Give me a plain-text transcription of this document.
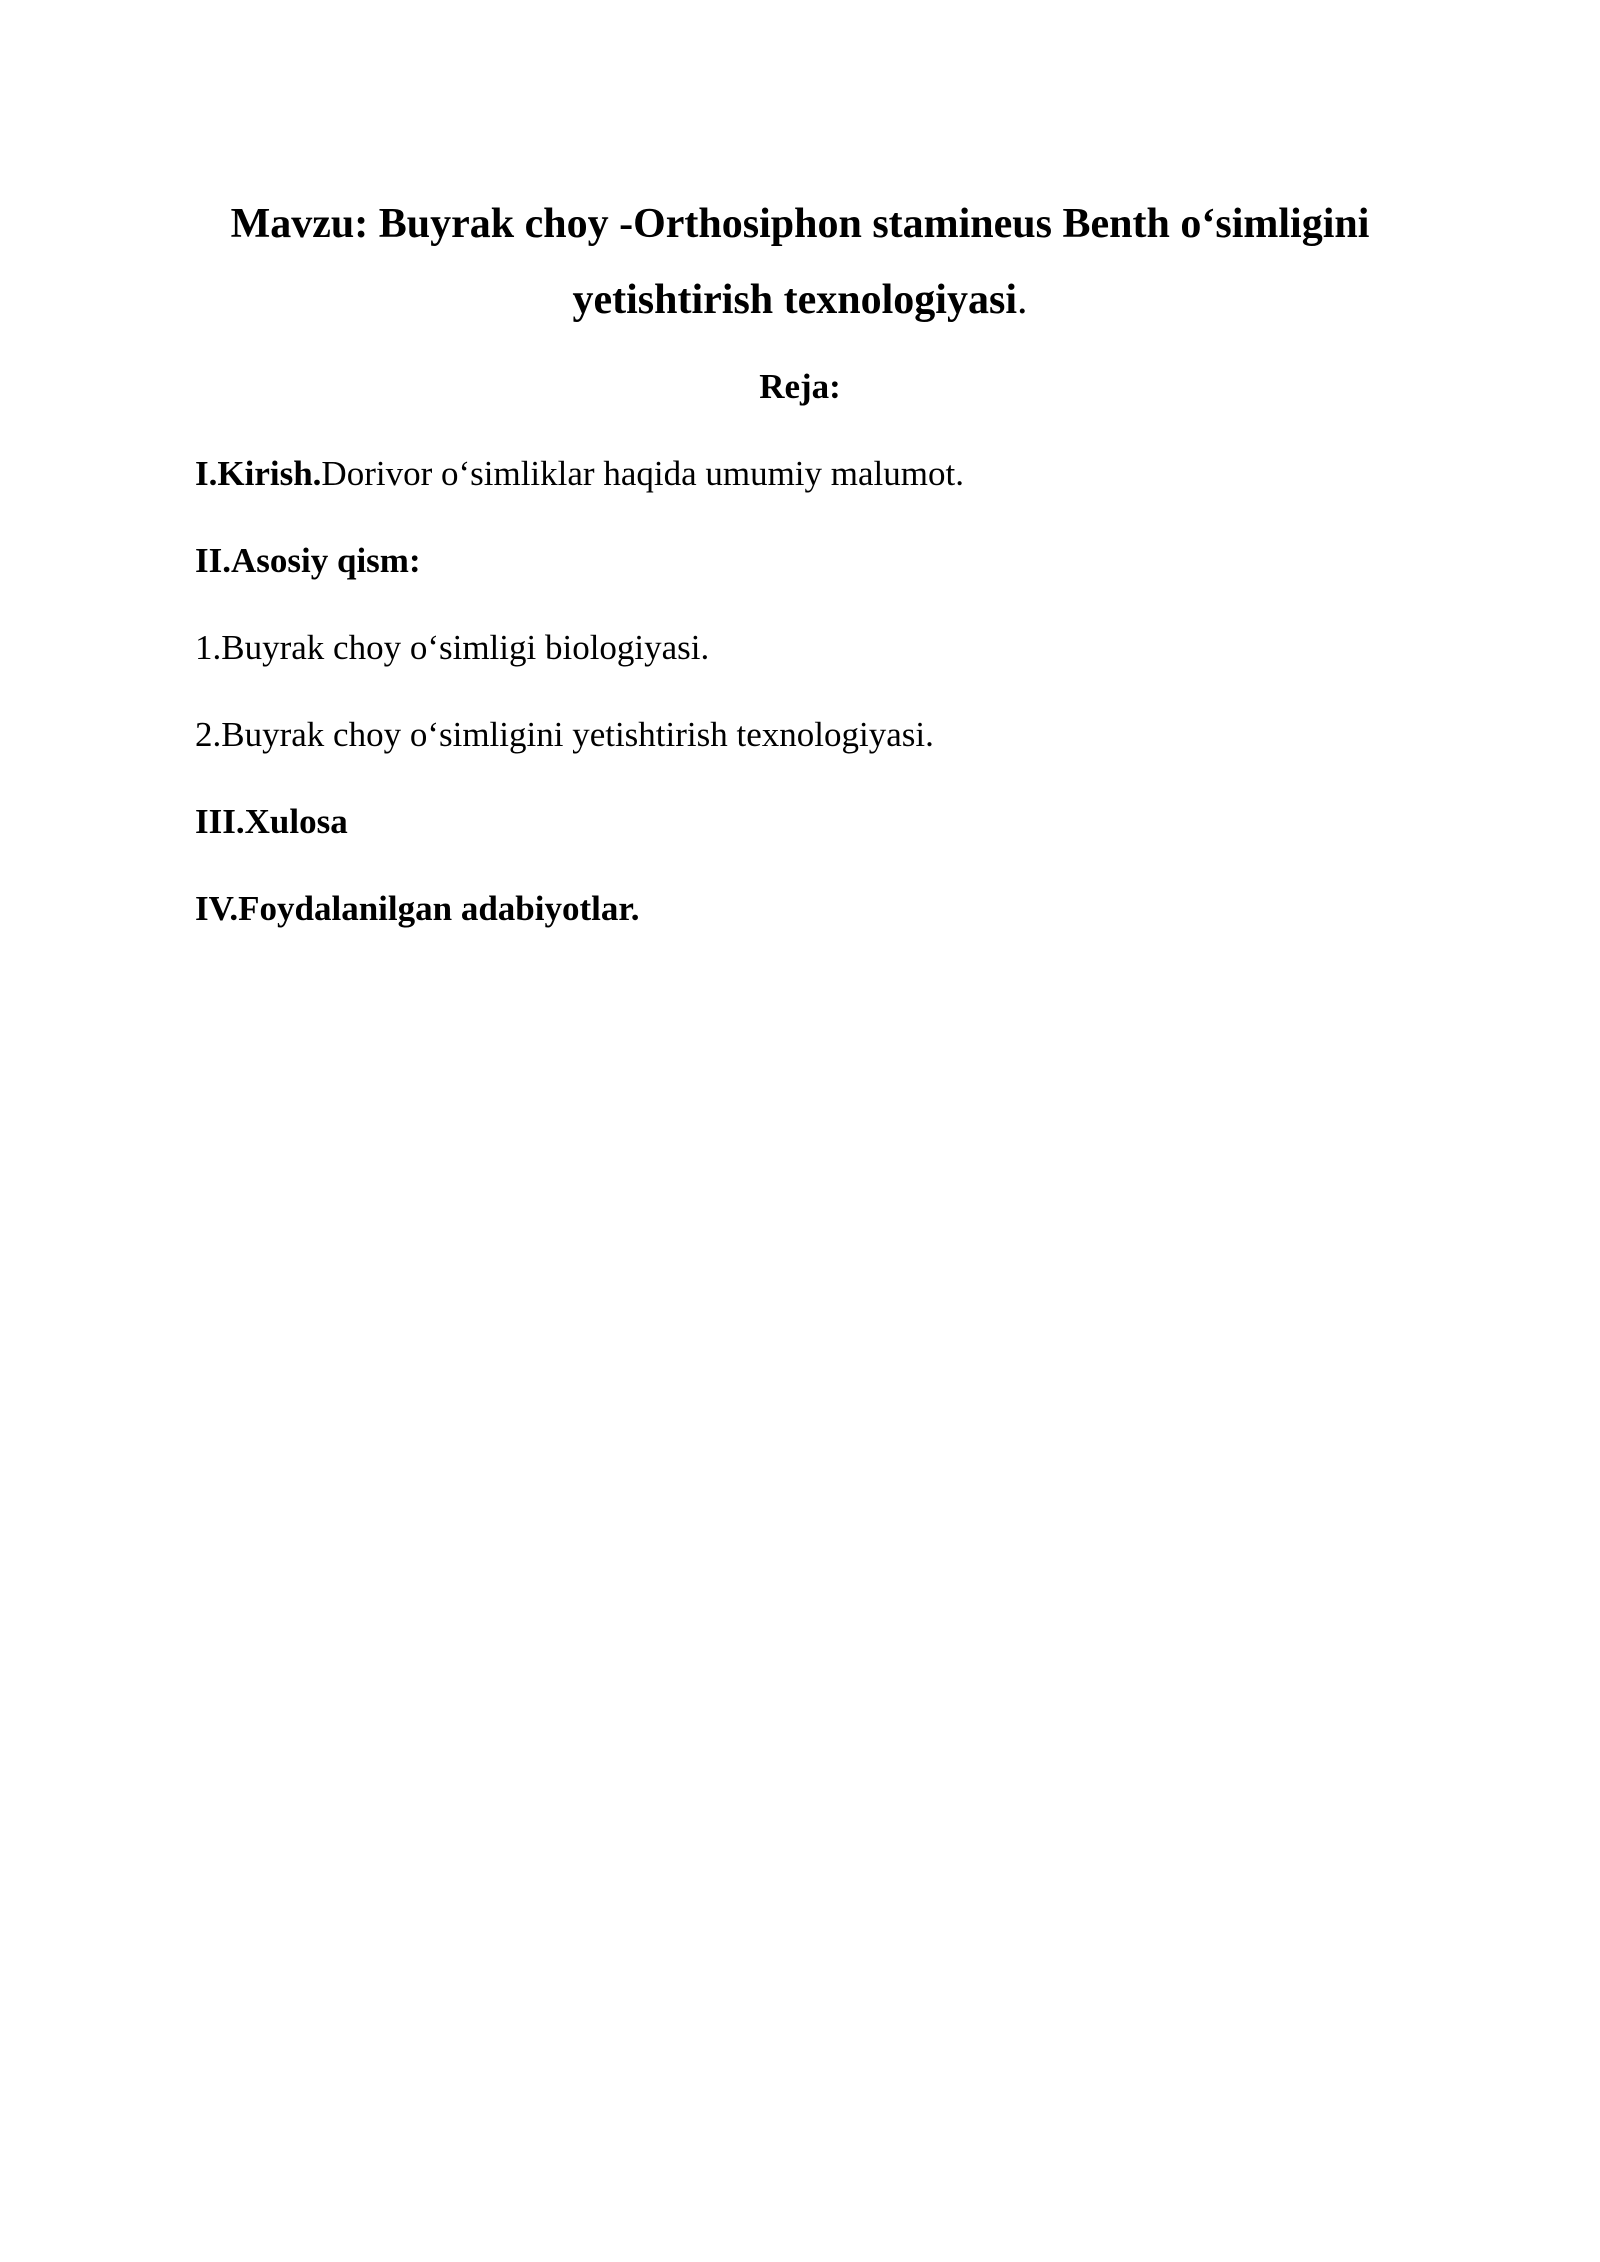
Mavzu: Buyrak choy -Orthosiphon stamineus Benth o‘simligini
yetishtirish texnologiyasi.
Reja:
I.Kirish.Dorivor o‘simliklar haqida umumiy malumot.
II.Asosiy qism:
1.Buyrak choy o‘simligi biologiyasi.
2.Buyrak choy o‘simligini yetishtirish texnologiyasi.
III.Xulosa
IV.Foydalanilgan adabiyotlar.
